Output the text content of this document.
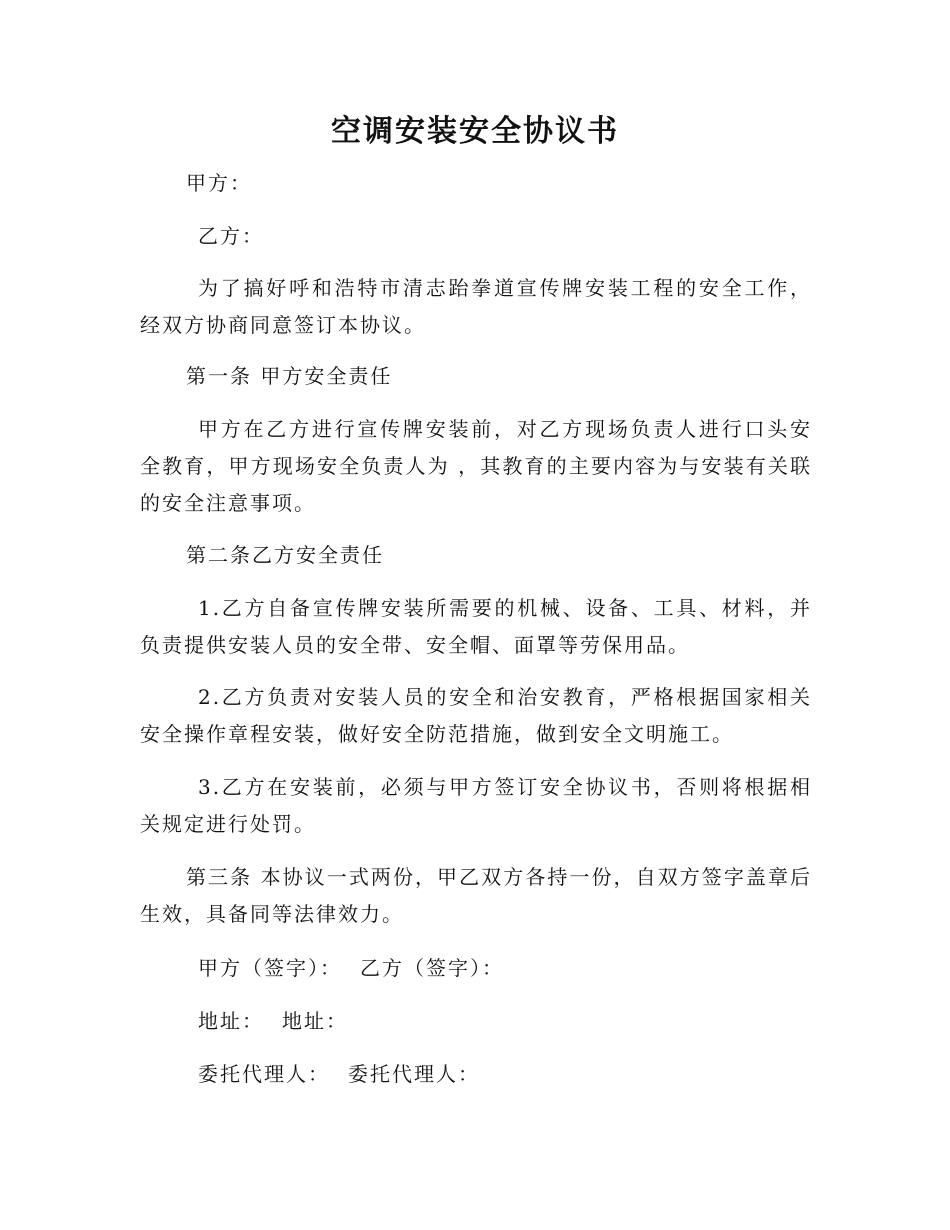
空调安装安全协议书
甲方：
乙方：
为了搞好呼和浩特市清志跆拳道宣传牌安装工程的安全工作，经双方协商同意签订本协议。
第一条 甲方安全责任
甲方在乙方进行宣传牌安装前，对乙方现场负责人进行口头安全教育，甲方现场安全负责人为 ，其教育的主要内容为与安装有关联的安全注意事项。
第二条乙方安全责任
1.乙方自备宣传牌安装所需要的机械、设备、工具、材料，并负责提供安装人员的安全带、安全帽、面罩等劳保用品。
2.乙方负责对安装人员的安全和治安教育，严格根据国家相关安全操作章程安装，做好安全防范措施，做到安全文明施工。
3.乙方在安装前，必须与甲方签订安全协议书，否则将根据相关规定进行处罚。
第三条 本协议一式两份，甲乙双方各持一份，自双方签字盖章后生效，具备同等法律效力。
甲方（签字）： 乙方（签字）：
地址： 地址：
委托代理人： 委托代理人：
